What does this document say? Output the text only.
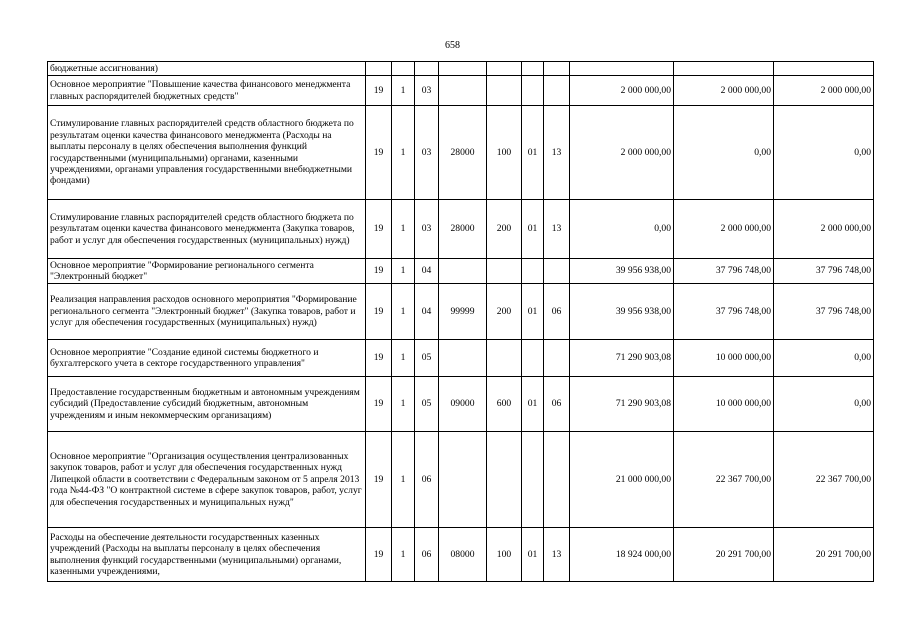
658
бюджетные ассигнования)										
Основное мероприятие "Повышение качества финансового менеджмента главных распорядителей бюджетных средств"	19	1	03					2 000 000,00	2 000 000,00	2 000 000,00
Стимулирование главных распорядителей средств областного бюджета по результатам оценки качества финансового менеджмента (Расходы на выплаты персоналу в целях обеспечения выполнения функций государственными (муниципальными) органами, казенными учреждениями, органами управления государственными внебюджетными фондами)	19	1	03	28000	100	01	13	2 000 000,00	0,00	0,00
Стимулирование главных распорядителей средств областного бюджета по результатам оценки качества финансового менеджмента (Закупка товаров, работ и услуг для обеспечения государственных (муниципальных) нужд)	19	1	03	28000	200	01	13	0,00	2 000 000,00	2 000 000,00
Основное мероприятие "Формирование регионального сегмента "Электронный бюджет"	19	1	04					39 956 938,00	37 796 748,00	37 796 748,00
Реализация направления расходов основного мероприятия "Формирование регионального сегмента "Электронный бюджет" (Закупка товаров, работ и услуг для обеспечения государственных (муниципальных) нужд)	19	1	04	99999	200	01	06	39 956 938,00	37 796 748,00	37 796 748,00
Основное мероприятие "Создание единой системы бюджетного и бухгалтерского учета в секторе государственного управления"	19	1	05					71 290 903,08	10 000 000,00	0,00
Предоставление государственным бюджетным и автономным учреждениям субсидий (Предоставление субсидий бюджетным, автономным учреждениям и иным некоммерческим организациям)	19	1	05	09000	600	01	06	71 290 903,08	10 000 000,00	0,00
Основное мероприятие "Организация осуществления централизованных закупок товаров, работ и услуг для обеспечения государственных нужд Липецкой области в соответствии с Федеральным законом от 5 апреля 2013 года №44-ФЗ "О контрактной системе в сфере закупок товаров, работ, услуг для обеспечения государственных и муниципальных нужд"	19	1	06					21 000 000,00	22 367 700,00	22 367 700,00
Расходы на обеспечение деятельности государственных казенных учреждений (Расходы на выплаты персоналу в целях обеспечения выполнения функций государственными (муниципальными) органами, казенными учреждениями,	19	1	06	08000	100	01	13	18 924 000,00	20 291 700,00	20 291 700,00
